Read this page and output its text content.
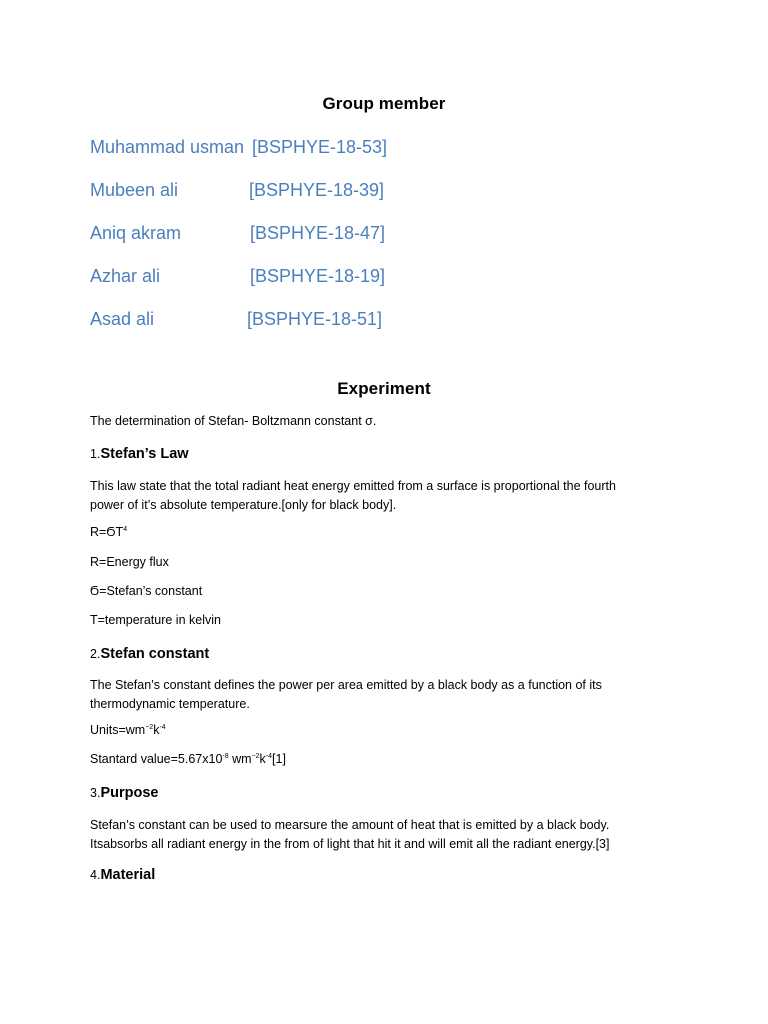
Group member
Muhammad usman [BSPHYE-18-53]
Mubeen ali	[BSPHYE-18-39]
Aniq akram	[BSPHYE-18-47]
Azhar ali	[BSPHYE-18-19]
Asad ali	[BSPHYE-18-51]
Experiment
The determination of Stefan- Boltzmann constant σ.
1.Stefan’s Law
This law state that the total radiant heat energy emitted from a surface is proportional the fourth power of it’s absolute temperature.[only for black body].
$R=ϬT^4$
R=Energy flux
Ϭ=Stefan’s constant
T=temperature in kelvin
2.Stefan constant
The Stefan’s constant defines the power per area emitted by a black body as a function of its thermodynamic temperature.
$Units=wm^{-2}k^{-4}$
Stantard $value=5.67x10^{-8}$ $wm^{-2}k^{-4}[1]$
3.Purpose
Stefan’s constant can be used to mearsure the amount of heat that is emitted by a black body. Itsabsorbs all radiant energy in the from of light that hit it and will emit all the radiant energy.[3]
4.Material
